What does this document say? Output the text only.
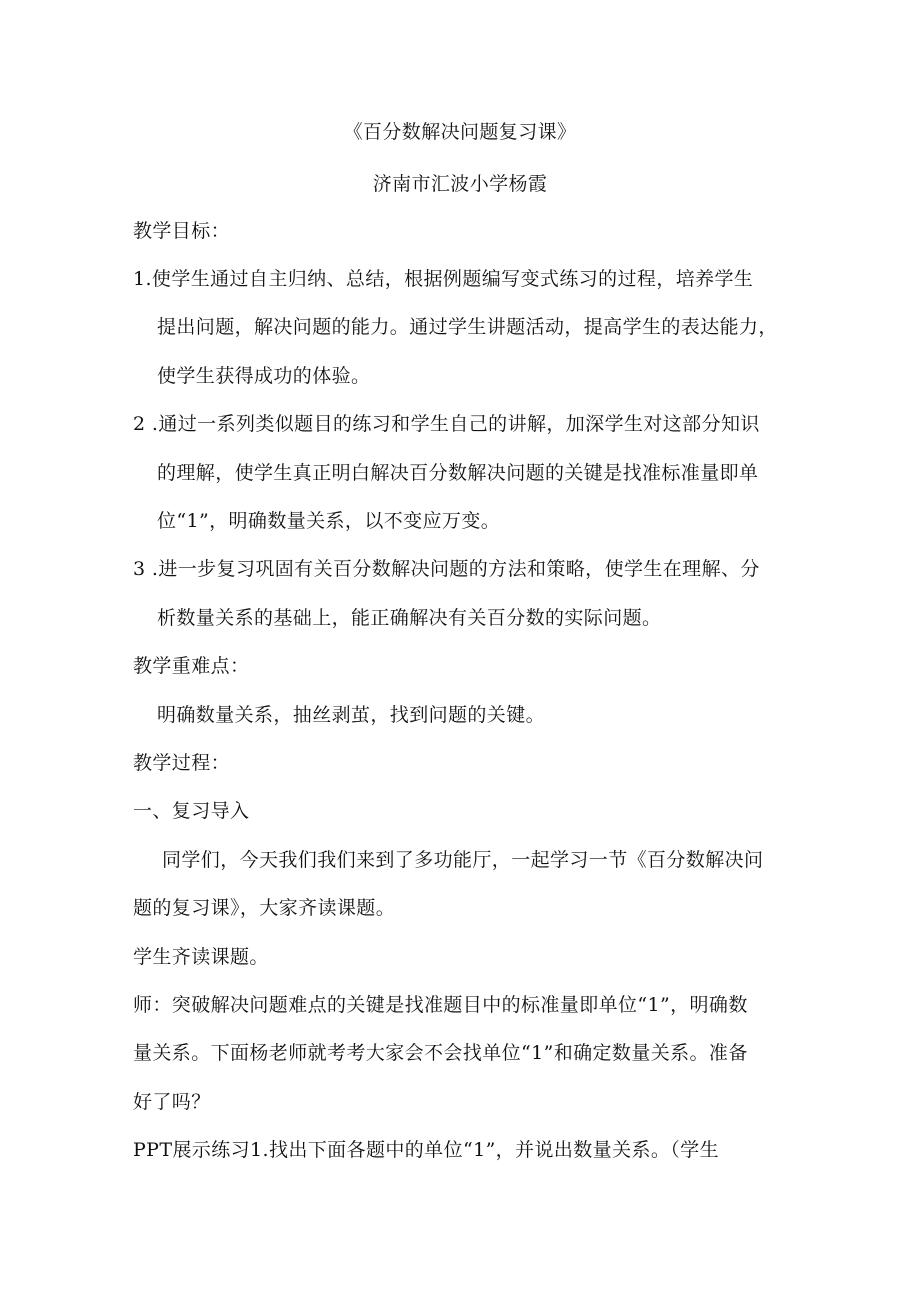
《百分数解决问题复习课》
济南市汇波小学杨霞
教学目标：
1.使学生通过自主归纳、总结，根据例题编写变式练习的过程，培养学生
提出问题，解决问题的能力。通过学生讲题活动，提高学生的表达能力，
使学生获得成功的体验。
2 .通过一系列类似题目的练习和学生自己的讲解，加深学生对这部分知识
的理解，使学生真正明白解决百分数解决问题的关键是找准标准量即单
位“1”，明确数量关系，以不变应万变。
3 .进一步复习巩固有关百分数解决问题的方法和策略，使学生在理解、分
析数量关系的基础上，能正确解决有关百分数的实际问题。
教学重难点：
明确数量关系，抽丝剥茧，找到问题的关键。
教学过程：
一、复习导入
同学们，今天我们我们来到了多功能厅，一起学习一节《百分数解决问
题的复习课》，大家齐读课题。
学生齐读课题。
师：突破解决问题难点的关键是找准题目中的标准量即单位“1”，明确数
量关系。下面杨老师就考考大家会不会找单位“1”和确定数量关系。准备
好了吗？
PPT展示练习1.找出下面各题中的单位“1”，并说出数量关系。（学生
